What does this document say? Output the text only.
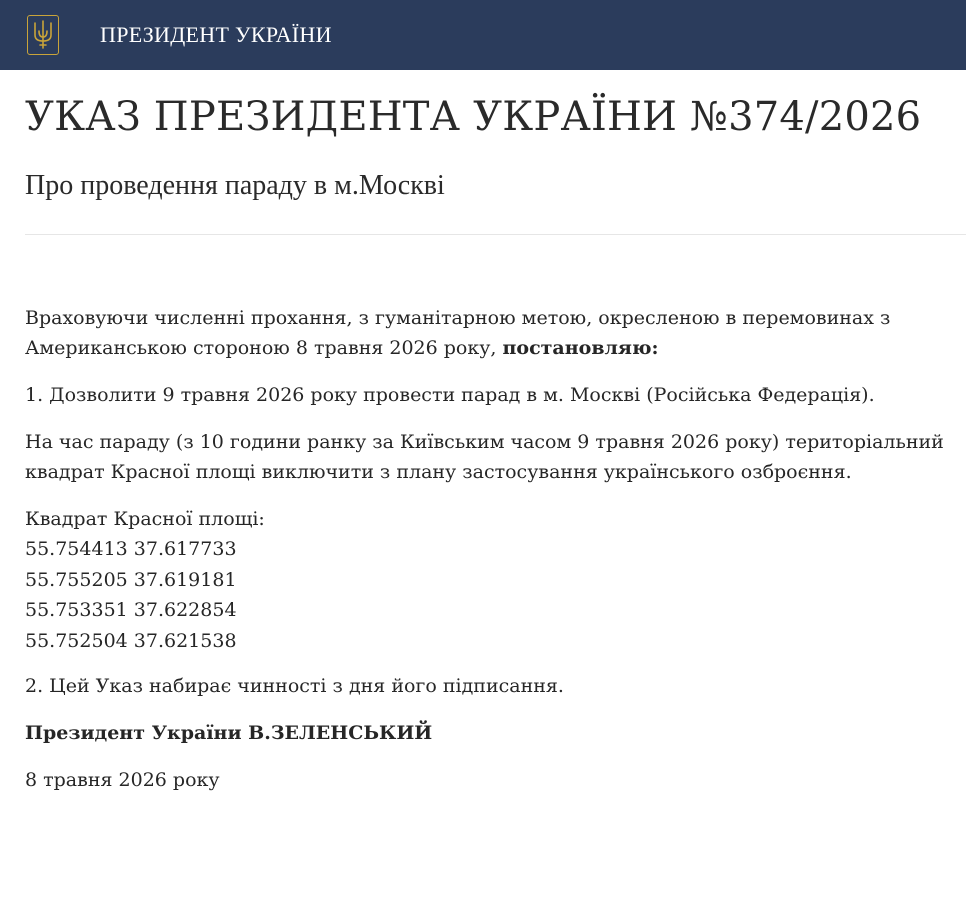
ПРЕЗИДЕНТ УКРАЇНИ
УКАЗ ПРЕЗИДЕНТА УКРАЇНИ №374/2026
Про проведення параду в м.Москві

Враховуючи численні прохання, з гуманітарною метою, окресленою в перемовинах з Американською стороною 8 травня 2026 року, постановляю:

1. Дозволити 9 травня 2026 року провести парад в м. Москві (Російська Федерація).

На час параду (з 10 години ранку за Київським часом 9 травня 2026 року) територіальний квадрат Красної площі виключити з плану застосування українського озброєння.

Квадрат Красної площі:

55.754413 37.617733
55.755205 37.619181
55.753351 37.622854
55.752504 37.621538

2. Цей Указ набирає чинності з дня його підписання.

Президент України В.ЗЕЛЕНСЬКИЙ

8 травня 2026 року
